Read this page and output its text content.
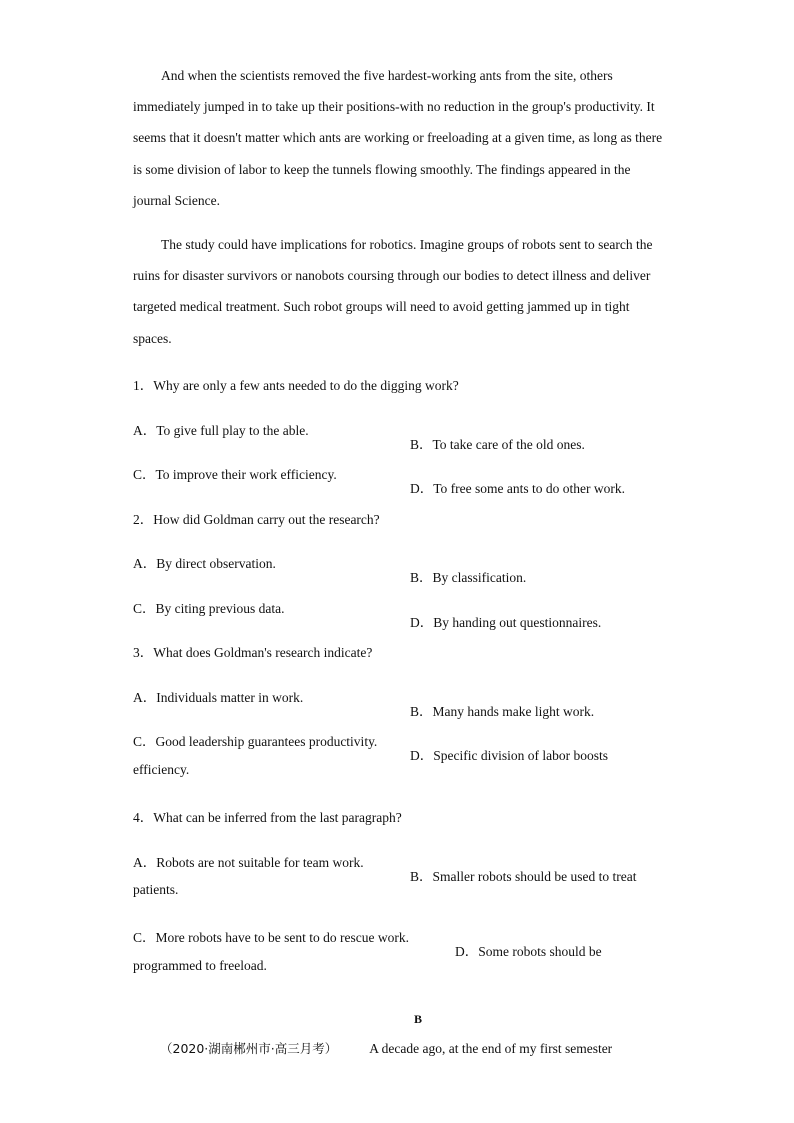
And when the scientists removed the five hardest-working ants from the site, others immediately jumped in to take up their positions-with no reduction in the group's productivity. It seems that it doesn't matter which ants are working or freeloading at a given time, as long as there is some division of labor to keep the tunnels flowing smoothly. The findings appeared in the journal Science.

The study could have implications for robotics. Imagine groups of robots sent to search the ruins for disaster survivors or nanobots coursing through our bodies to detect illness and deliver targeted medical treatment. Such robot groups will need to avoid getting jammed up in tight spaces.

1．Why are only a few ants needed to do the digging work?

A．To give full play to the able.

B．To take care of the old ones.

C．To improve their work efficiency.

D．To free some ants to do other work.

2．How did Goldman carry out the research?

A．By direct observation.

B．By classification.

C．By citing previous data.

D．By handing out questionnaires.

3．What does Goldman's research indicate?

A．Individuals matter in work.

B．Many hands make light work.

C．Good leadership guarantees productivity.

D．Specific division of labor boosts

efficiency.

4．What can be inferred from the last paragraph?

A．Robots are not suitable for team work.

B．Smaller robots should be used to treat

patients.

C．More robots have to be sent to do rescue work.

D．Some robots should be

programmed to freeload.

B

（2020·湖南郴州市·高三月考） A decade ago, at the end of my first semester
